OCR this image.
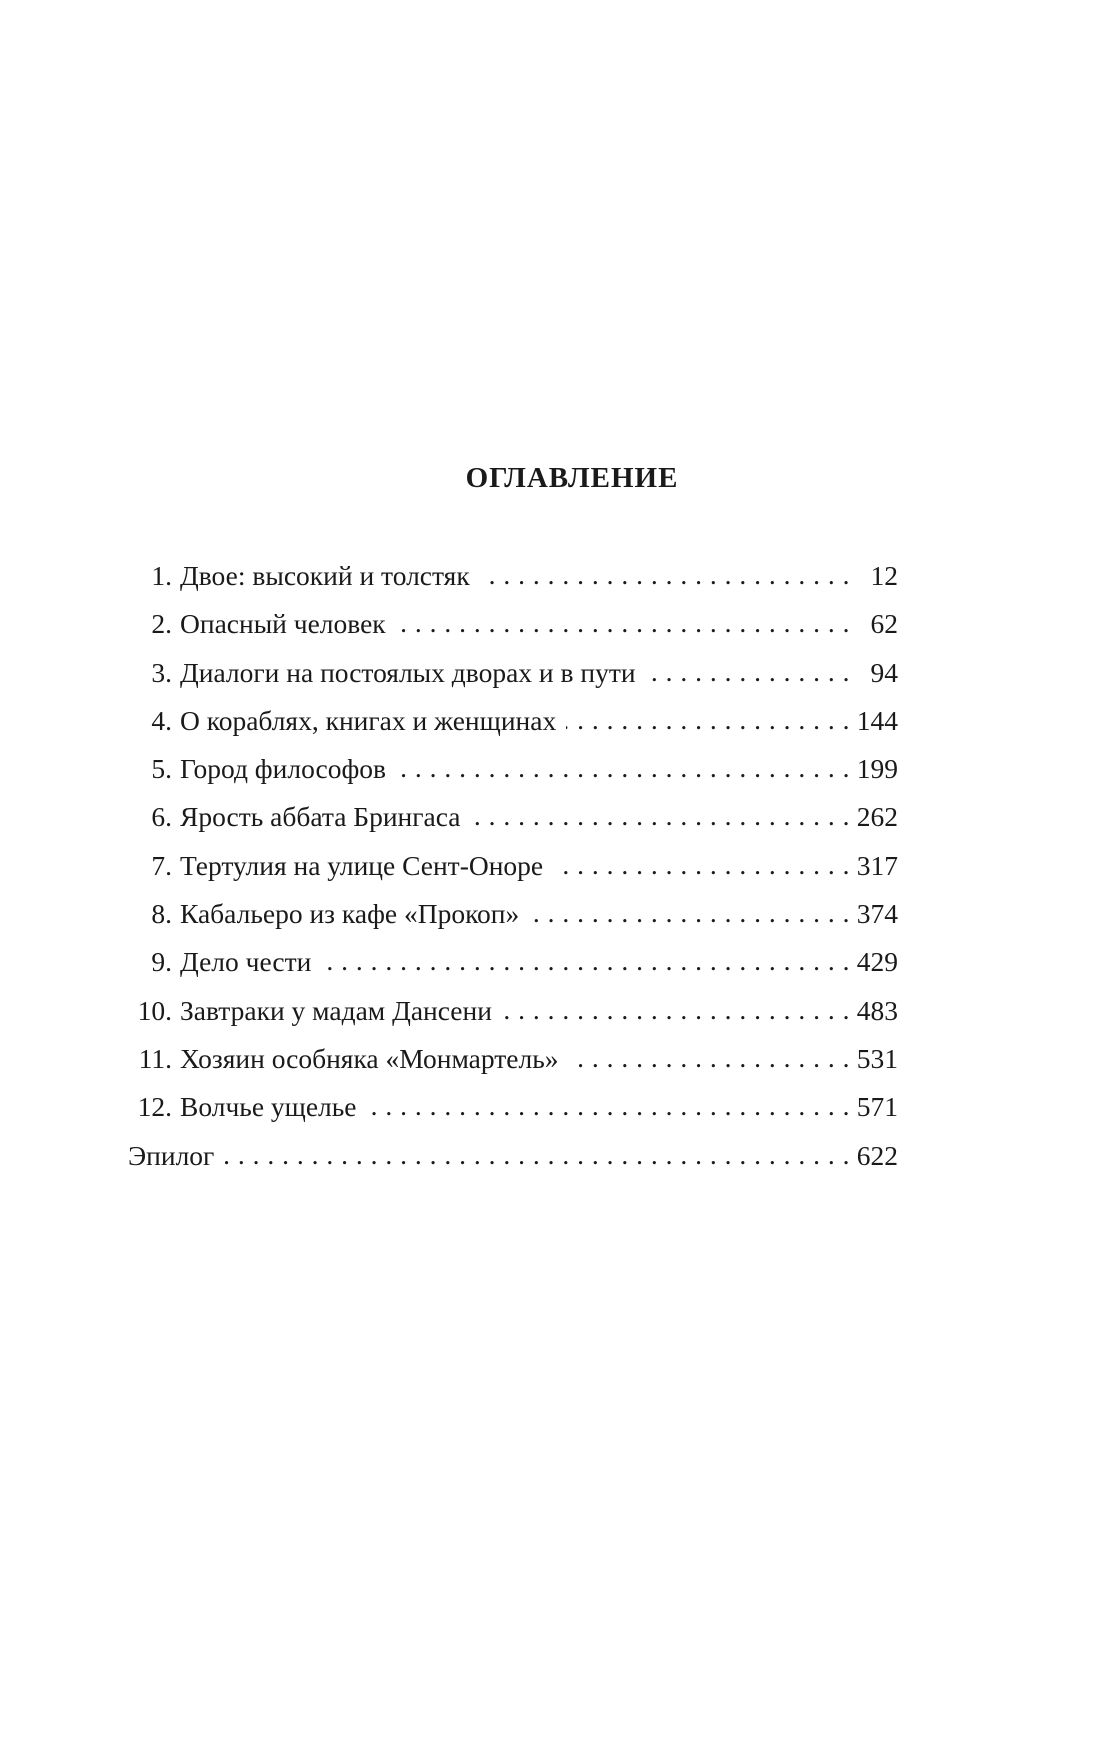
ОГЛАВЛЕНИЕ
1. Двое: высокий и толстяк . . .	12
2. Опасный человек . . .	62
3. Диалоги на постоялых дворах и в пути . . .	94
4. О кораблях, книгах и женщинах . . .	144
5. Город философов . . .	199
6. Ярость аббата Брингаса . . .	262
7. Тертулия на улице Сент-Оноре . . .	317
8. Кабальеро из кафе «Прокоп» . . .	374
9. Дело чести . . .	429
10. Завтраки у мадам Дансени . . .	483
11. Хозяин особняка «Монмартель» . . .	531
12. Волчье ущелье . . .	571
Эпилог . . .	622
